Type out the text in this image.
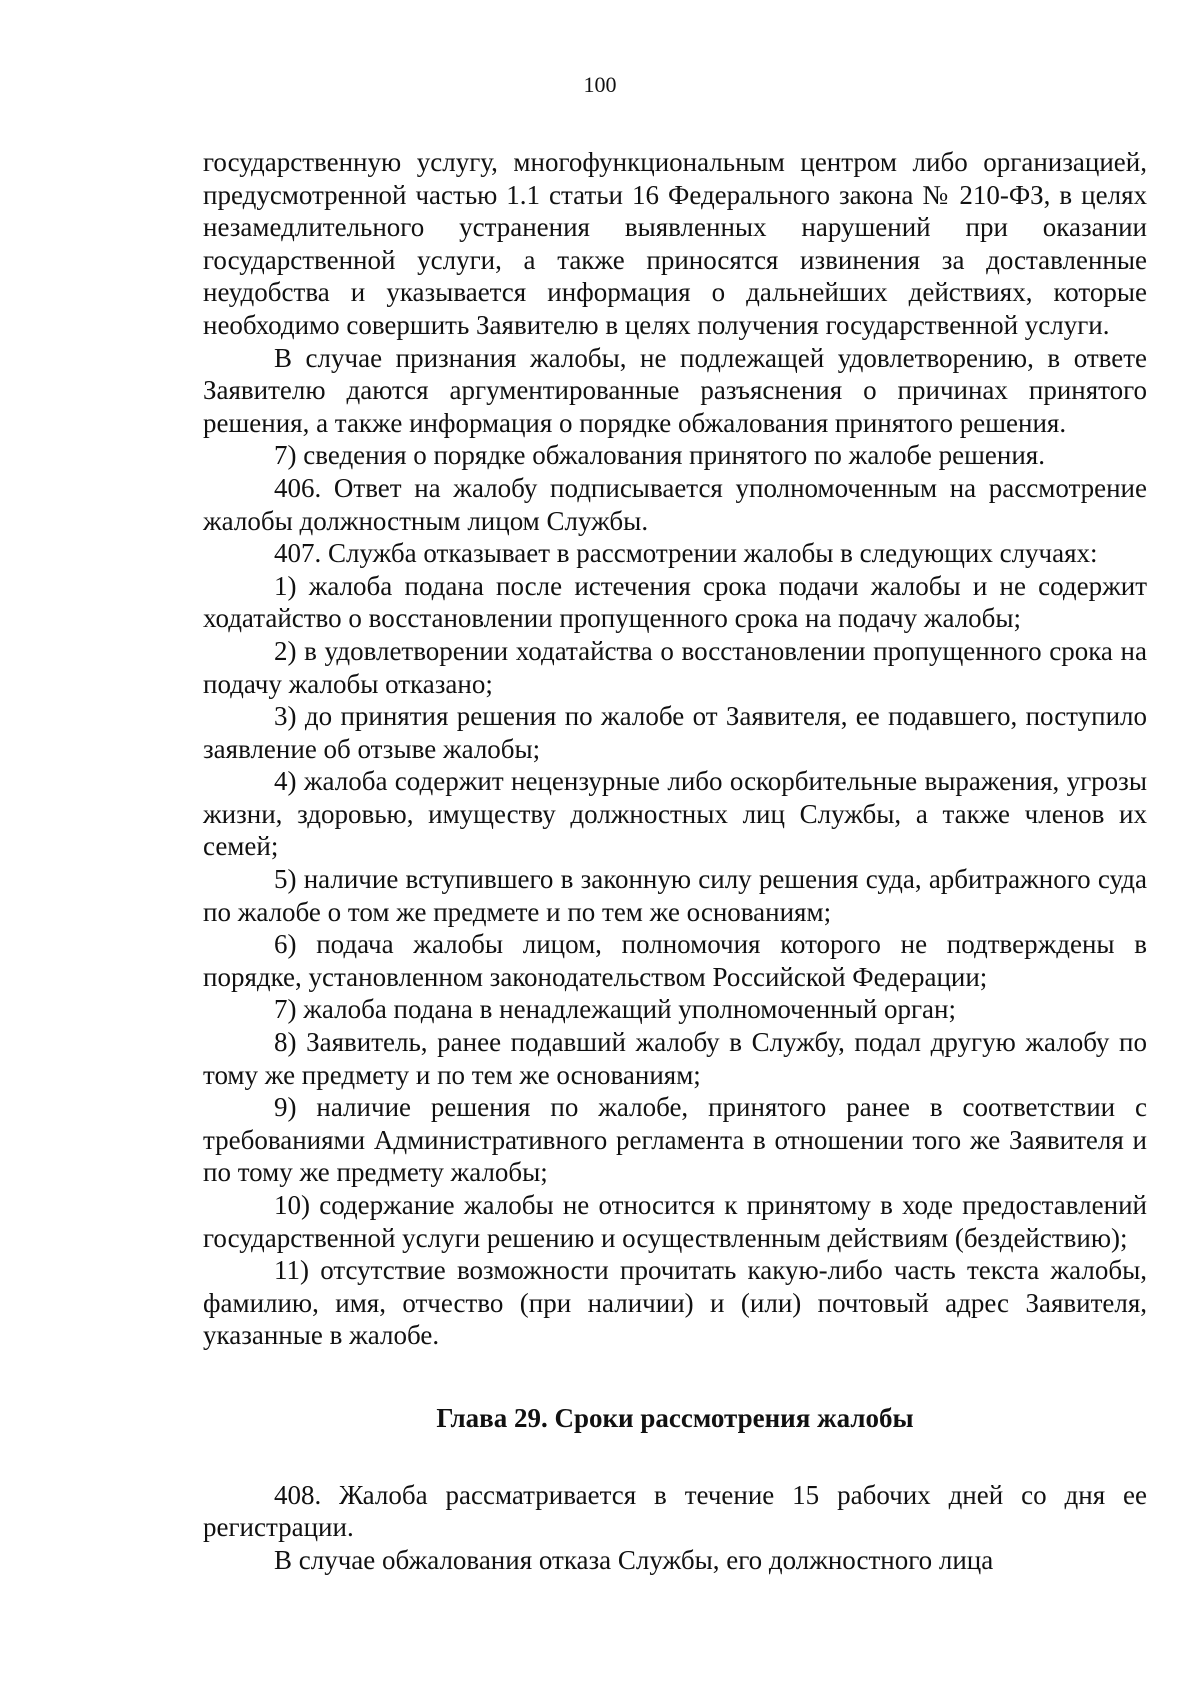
100

государственную услугу, многофункциональным центром либо организацией, предусмотренной частью 1.1 статьи 16 Федерального закона № 210-ФЗ, в целях незамедлительного устранения выявленных нарушений при оказании государственной услуги, а также приносятся извинения за доставленные неудобства и указывается информация о дальнейших действиях, которые необходимо совершить Заявителю в целях получения государственной услуги.

В случае признания жалобы, не подлежащей удовлетворению, в ответе Заявителю даются аргументированные разъяснения о причинах принятого решения, а также информация о порядке обжалования принятого решения.

7) сведения о порядке обжалования принятого по жалобе решения.

406. Ответ на жалобу подписывается уполномоченным на рассмотрение жалобы должностным лицом Службы.

407. Служба отказывает в рассмотрении жалобы в следующих случаях:

1) жалоба подана после истечения срока подачи жалобы и не содержит ходатайство о восстановлении пропущенного срока на подачу жалобы;

2) в удовлетворении ходатайства о восстановлении пропущенного срока на подачу жалобы отказано;

3) до принятия решения по жалобе от Заявителя, ее подавшего, поступило заявление об отзыве жалобы;

4) жалоба содержит нецензурные либо оскорбительные выражения, угрозы жизни, здоровью, имуществу должностных лиц Службы, а также членов их семей;

5) наличие вступившего в законную силу решения суда, арбитражного суда по жалобе о том же предмете и по тем же основаниям;

6) подача жалобы лицом, полномочия которого не подтверждены в порядке, установленном законодательством Российской Федерации;

7) жалоба подана в ненадлежащий уполномоченный орган;

8) Заявитель, ранее подавший жалобу в Службу, подал другую жалобу по тому же предмету и по тем же основаниям;

9) наличие решения по жалобе, принятого ранее в соответствии с требованиями Административного регламента в отношении того же Заявителя и по тому же предмету жалобы;

10) содержание жалобы не относится к принятому в ходе предоставлений государственной услуги решению и осуществленным действиям (бездействию);

11) отсутствие возможности прочитать какую-либо часть текста жалобы, фамилию, имя, отчество (при наличии) и (или) почтовый адрес Заявителя, указанные в жалобе.

Глава 29. Сроки рассмотрения жалобы

408. Жалоба рассматривается в течение 15 рабочих дней со дня ее регистрации.

В случае обжалования отказа Службы, его должностного лица
